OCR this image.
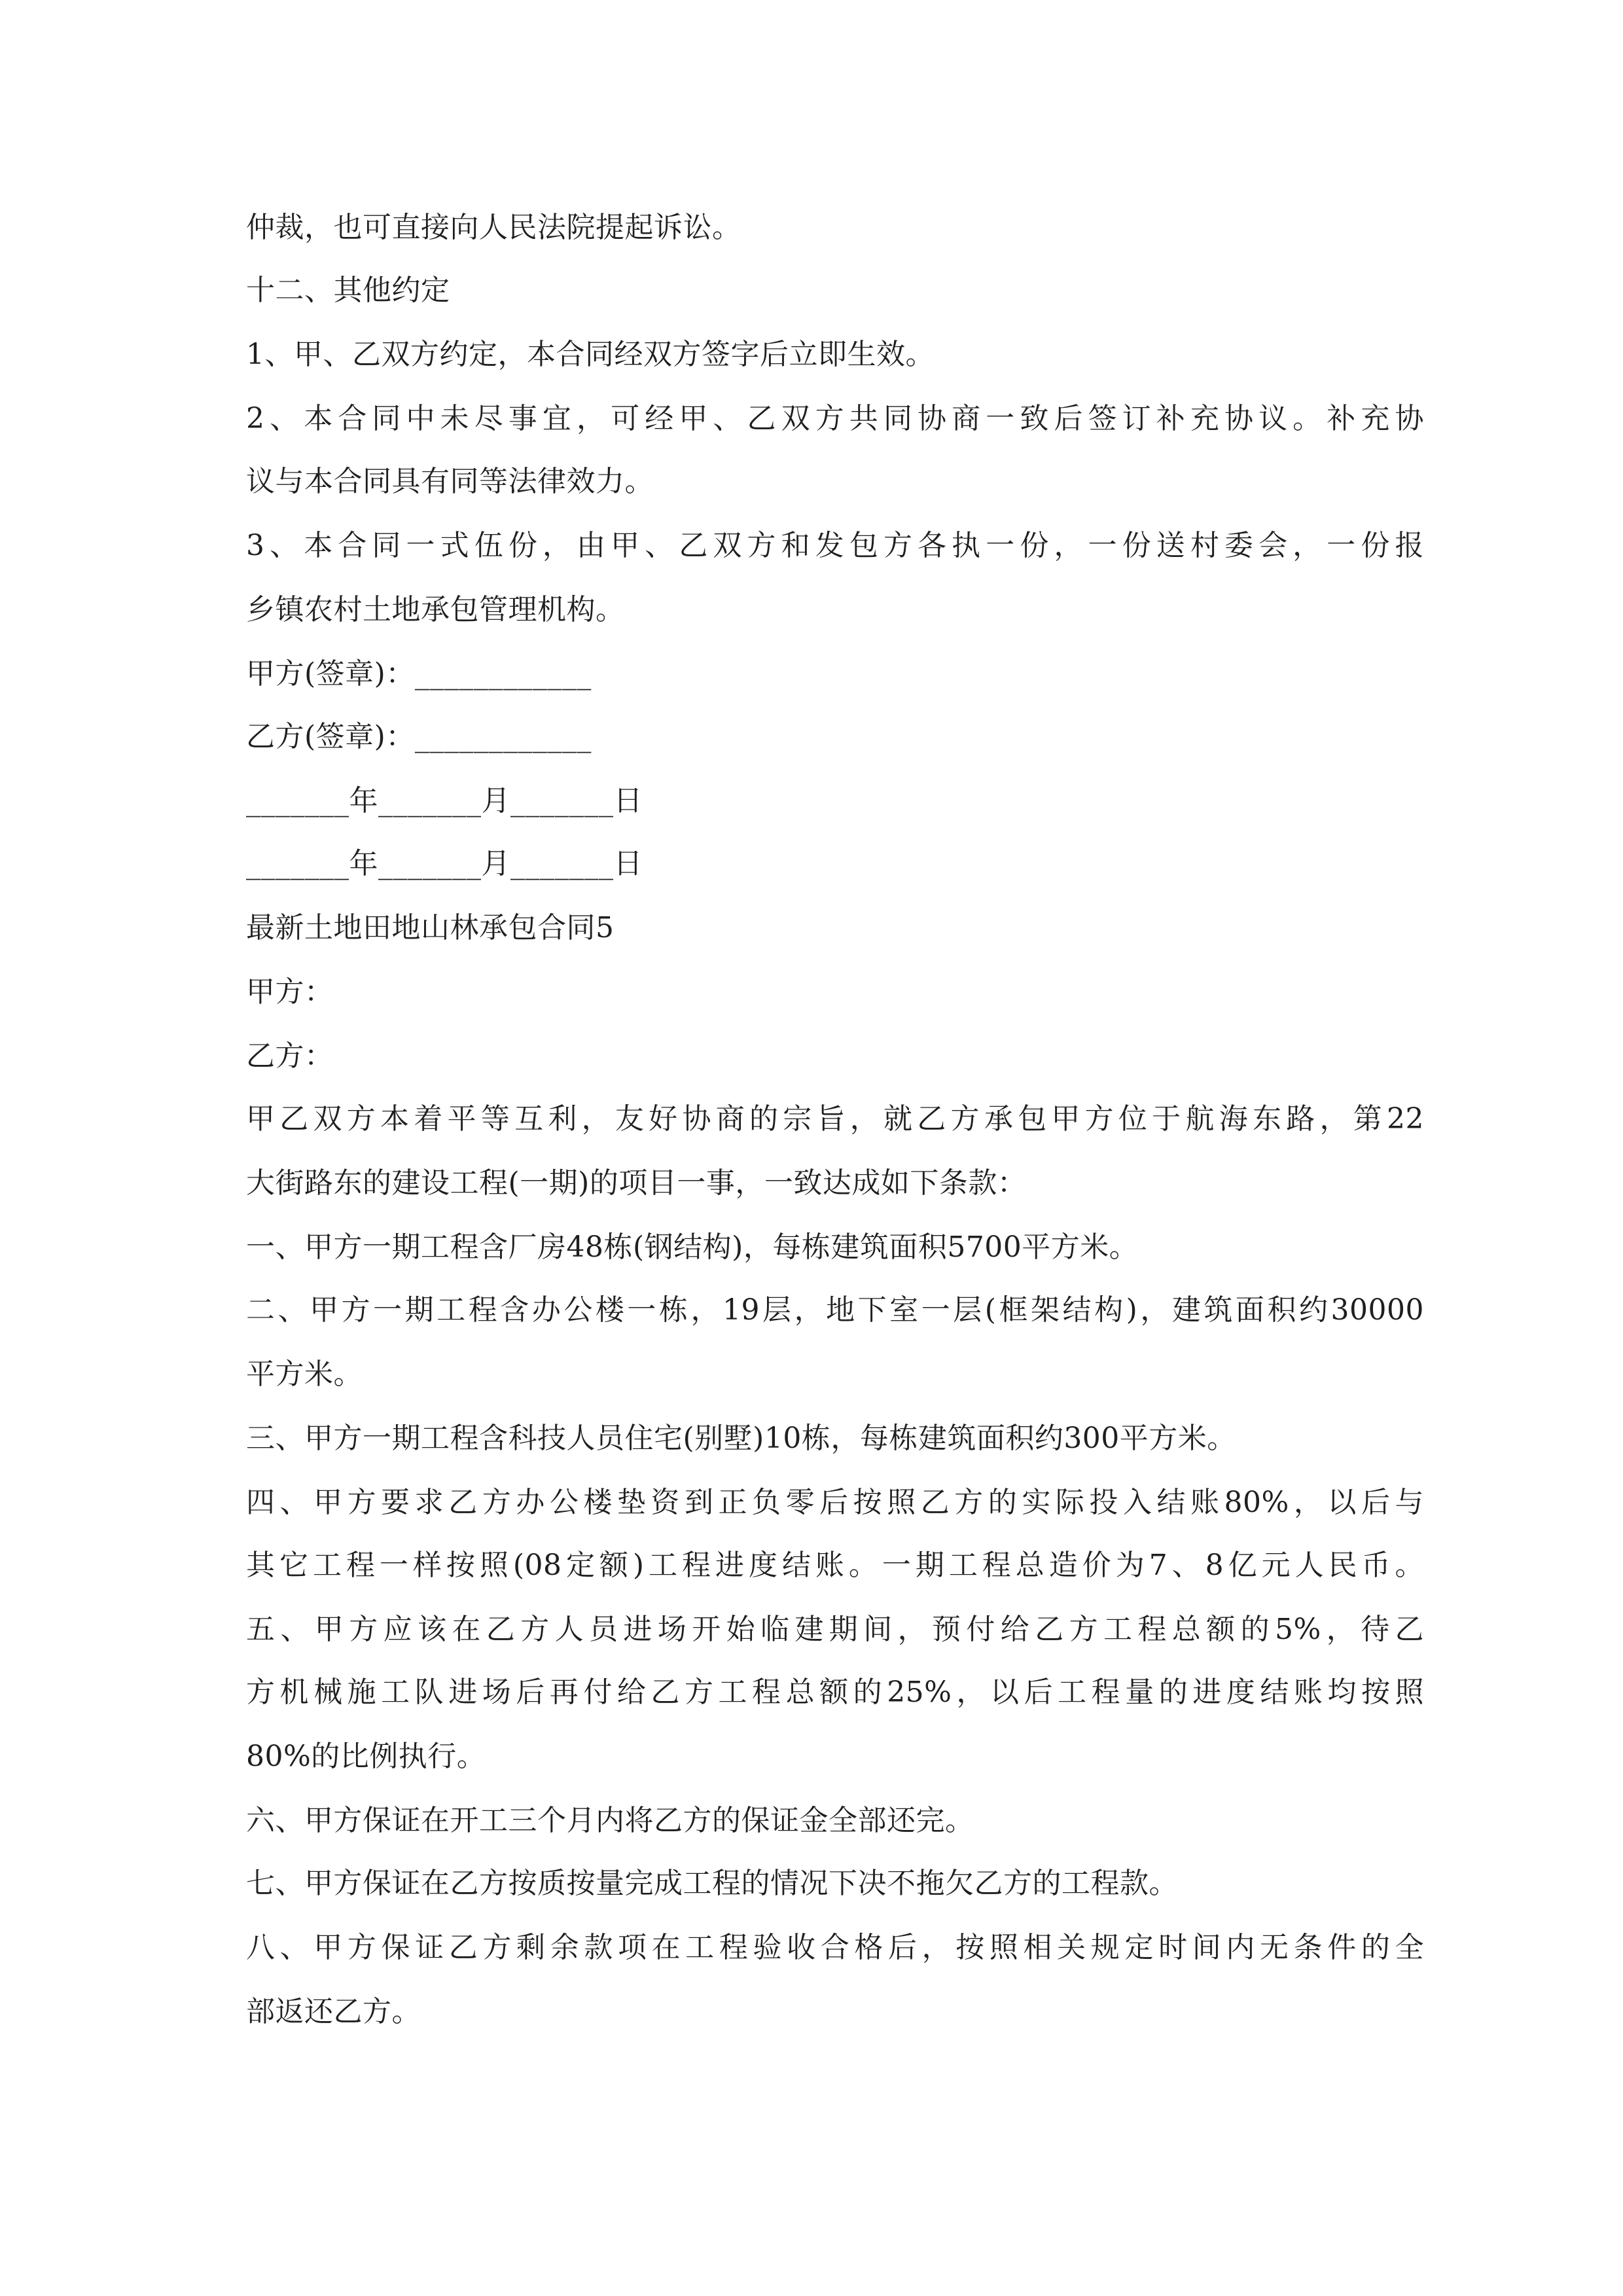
仲裁，也可直接向人民法院提起诉讼。
十二、其他约定
1、甲、乙双方约定，本合同经双方签字后立即生效。
2、本合同中未尽事宜，可经甲、乙双方共同协商一致后签订补充协议。补充协
议与本合同具有同等法律效力。
3、本合同一式伍份，由甲、乙双方和发包方各执一份，一份送村委会，一份报
乡镇农村土地承包管理机构。
甲方(签章)：____________
乙方(签章)：____________
_______年_______月_______日
_______年_______月_______日
最新土地田地山林承包合同5
甲方：
乙方：
甲乙双方本着平等互利，友好协商的宗旨，就乙方承包甲方位于航海东路，第22
大街路东的建设工程(一期)的项目一事，一致达成如下条款：
一、甲方一期工程含厂房48栋(钢结构)，每栋建筑面积5700平方米。
二、甲方一期工程含办公楼一栋，19层，地下室一层(框架结构)，建筑面积约30000
平方米。
三、甲方一期工程含科技人员住宅(别墅)10栋，每栋建筑面积约300平方米。
四、甲方要求乙方办公楼垫资到正负零后按照乙方的实际投入结账80%，以后与
其它工程一样按照(08定额)工程进度结账。一期工程总造价为7、8亿元人民币。
五、甲方应该在乙方人员进场开始临建期间，预付给乙方工程总额的5%，待乙
方机械施工队进场后再付给乙方工程总额的25%，以后工程量的进度结账均按照
80%的比例执行。
六、甲方保证在开工三个月内将乙方的保证金全部还完。
七、甲方保证在乙方按质按量完成工程的情况下决不拖欠乙方的工程款。
八、甲方保证乙方剩余款项在工程验收合格后，按照相关规定时间内无条件的全
部返还乙方。
